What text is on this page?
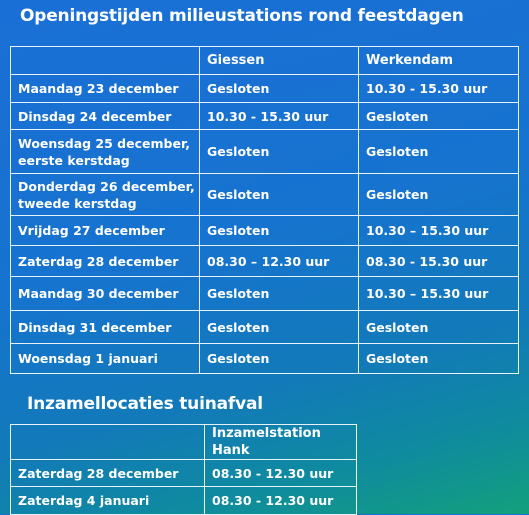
Openingstijden milieustations rond feestdagen
	Giessen	Werkendam
Maandag 23 december	Gesloten	10.30 - 15.30 uur
Dinsdag 24 december	10.30 - 15.30 uur	Gesloten
Woensdag 25 december, eerste kerstdag	Gesloten	Gesloten
Donderdag 26 december, tweede kerstdag	Gesloten	Gesloten
Vrijdag 27 december	Gesloten	10.30 – 15.30 uur
Zaterdag 28 december	08.30 – 12.30 uur	08.30 - 15.30 uur
Maandag 30 december	Gesloten	10.30 – 15.30 uur
Dinsdag 31 december	Gesloten	Gesloten
Woensdag 1 januari	Gesloten	Gesloten
Inzamellocaties tuinafval
	Inzamelstation Hank
Zaterdag 28 december	08.30 - 12.30 uur
Zaterdag 4 januari	08.30 - 12.30 uur
